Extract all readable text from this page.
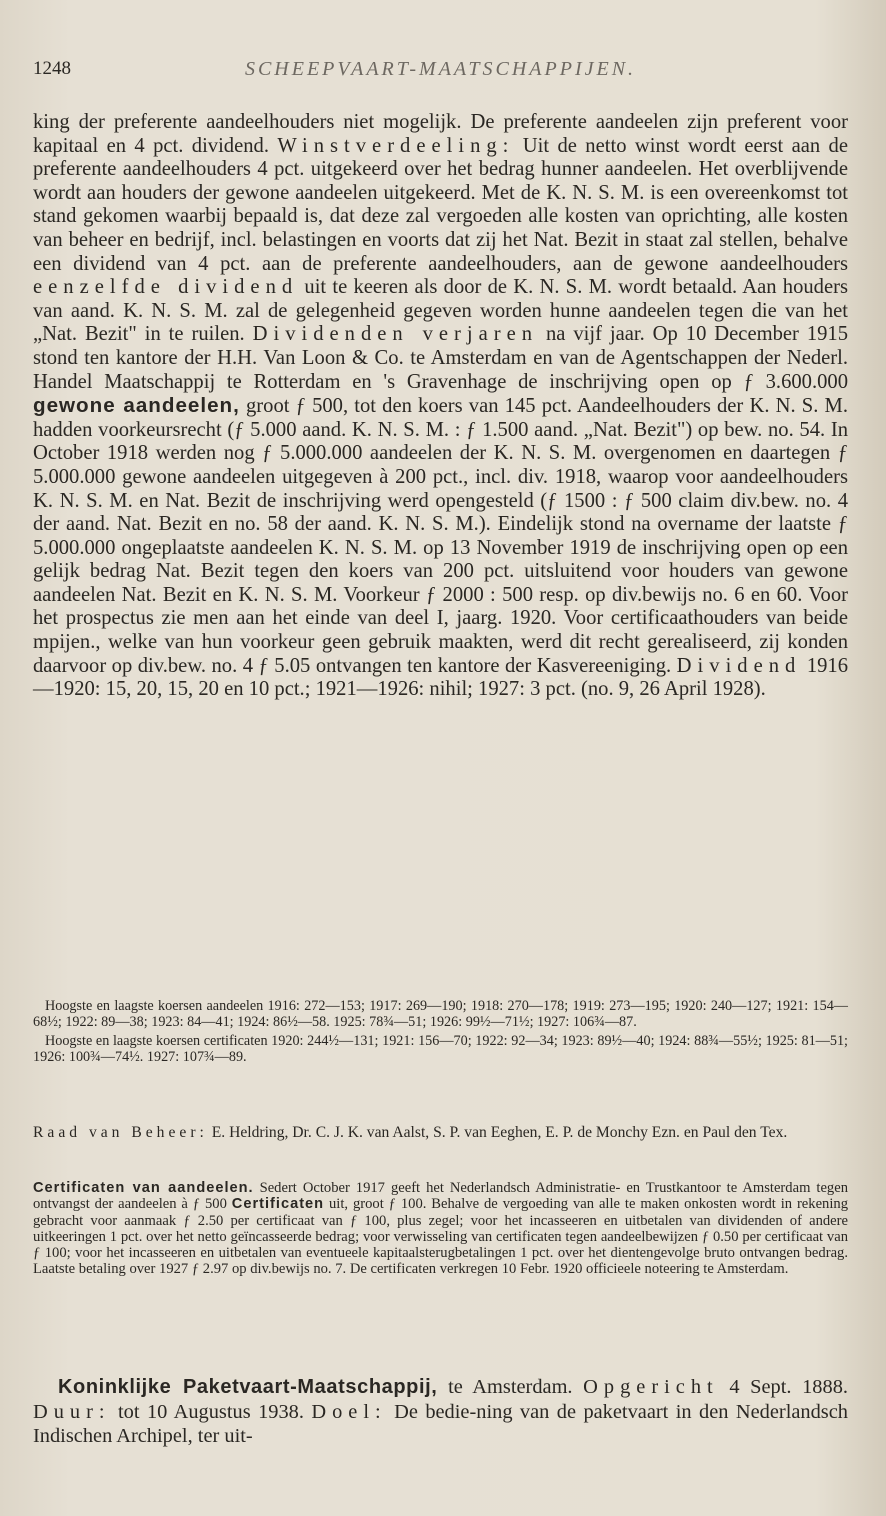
1248	SCHEEPVAART-MAATSCHAPPIJEN.

king der preferente aandeelhouders niet mogelijk. De preferente aandeelen zijn preferent voor kapitaal en 4 pct. dividend. Winstverdeeling: Uit de netto winst wordt eerst aan de preferente aandeelhouders 4 pct. uitgekeerd over het bedrag hunner aandeelen. Het overblijvende wordt aan houders der gewone aandeelen uitgekeerd. Met de K. N. S. M. is een overeenkomst tot stand gekomen waarbij bepaald is, dat deze zal vergoeden alle kosten van oprichting, alle kosten van beheer en bedrijf, incl. belastingen en voorts dat zij het Nat. Bezit in staat zal stellen, behalve een dividend van 4 pct. aan de preferente aandeelhouders, aan de gewone aandeelhouders eenzelfde dividend uit te keeren als door de K. N. S. M. wordt betaald. Aan houders van aand. K. N. S. M. zal de gelegenheid gegeven worden hunne aandeelen tegen die van het „Nat. Bezit" in te ruilen. Dividenden verjaren na vijf jaar. Op 10 December 1915 stond ten kantore der H.H. Van Loon & Co. te Amsterdam en van de Agentschappen der Nederl. Handel Maatschappij te Rotterdam en 's Gravenhage de inschrijving open op ƒ 3.600.000 gewone aandeelen, groot ƒ 500, tot den koers van 145 pct. Aandeelhouders der K. N. S. M. hadden voorkeursrecht (ƒ 5.000 aand. K. N. S. M. : ƒ 1.500 aand. „Nat. Bezit") op bew. no. 54. In October 1918 werden nog ƒ 5.000.000 aandeelen der K. N. S. M. overgenomen en daartegen ƒ 5.000.000 gewone aandeelen uitgegeven à 200 pct., incl. div. 1918, waarop voor aandeelhouders K. N. S. M. en Nat. Bezit de inschrijving werd opengesteld (ƒ 1500 : ƒ 500 claim div.bew. no. 4 der aand. Nat. Bezit en no. 58 der aand. K. N. S. M.). Eindelijk stond na overname der laatste ƒ 5.000.000 ongeplaatste aandeelen K. N. S. M. op 13 November 1919 de inschrijving open op een gelijk bedrag Nat. Bezit tegen den koers van 200 pct. uitsluitend voor houders van gewone aandeelen Nat. Bezit en K. N. S. M. Voorkeur ƒ 2000 : 500 resp. op div.bewijs no. 6 en 60. Voor het prospectus zie men aan het einde van deel I, jaarg. 1920. Voor certificaathouders van beide mpijen., welke van hun voorkeur geen gebruik maakten, werd dit recht gerealiseerd, zij konden daarvoor op div.bew. no. 4 ƒ 5.05 ontvangen ten kantore der Kasvereeniging. Dividend 1916—1920: 15, 20, 15, 20 en 10 pct.; 1921—1926: nihil; 1927: 3 pct. (no. 9, 26 April 1928).

Hoogste en laagste koersen aandeelen 1916: 272—153; 1917: 269—190; 1918: 270—178; 1919: 273—195; 1920: 240—127; 1921: 154—68½; 1922: 89—38; 1923: 84—41; 1924: 86½—58. 1925: 78¾—51; 1926: 99½—71½; 1927: 106¾—87.

Hoogste en laagste koersen certificaten 1920: 244½—131; 1921: 156—70; 1922: 92—34; 1923: 89½—40; 1924: 88¾—55½; 1925: 81—51; 1926: 100¾—74½. 1927: 107¾—89.

Raad van Beheer: E. Heldring, Dr. C. J. K. van Aalst, S. P. van Eeghen, E. P. de Monchy Ezn. en Paul den Tex.

Certificaten van aandeelen. Sedert October 1917 geeft het Nederlandsch Administratie- en Trustkantoor te Amsterdam tegen ontvangst der aandeelen à ƒ 500 Certificaten uit, groot ƒ 100. Behalve de vergoeding van alle te maken onkosten wordt in rekening gebracht voor aanmaak ƒ 2.50 per certificaat van ƒ 100, plus zegel; voor het incasseeren en uitbetalen van dividenden of andere uitkeeringen 1 pct. over het netto geïncasseerde bedrag; voor verwisseling van certificaten tegen aandeelbewijzen ƒ 0.50 per certificaat van ƒ 100; voor het incasseeren en uitbetalen van eventueele kapitaalsterugbetalingen 1 pct. over het dientengevolge bruto ontvangen bedrag. Laatste betaling over 1927 ƒ 2.97 op div.bewijs no. 7. De certificaten verkregen 10 Febr. 1920 officieele noteering te Amsterdam.

Koninklijke Paketvaart-Maatschappij, te Amsterdam. Opgericht 4 Sept. 1888. Duur: tot 10 Augustus 1938. Doel: De bedie-ning van de paketvaart in den Nederlandsch Indischen Archipel, ter uit-
